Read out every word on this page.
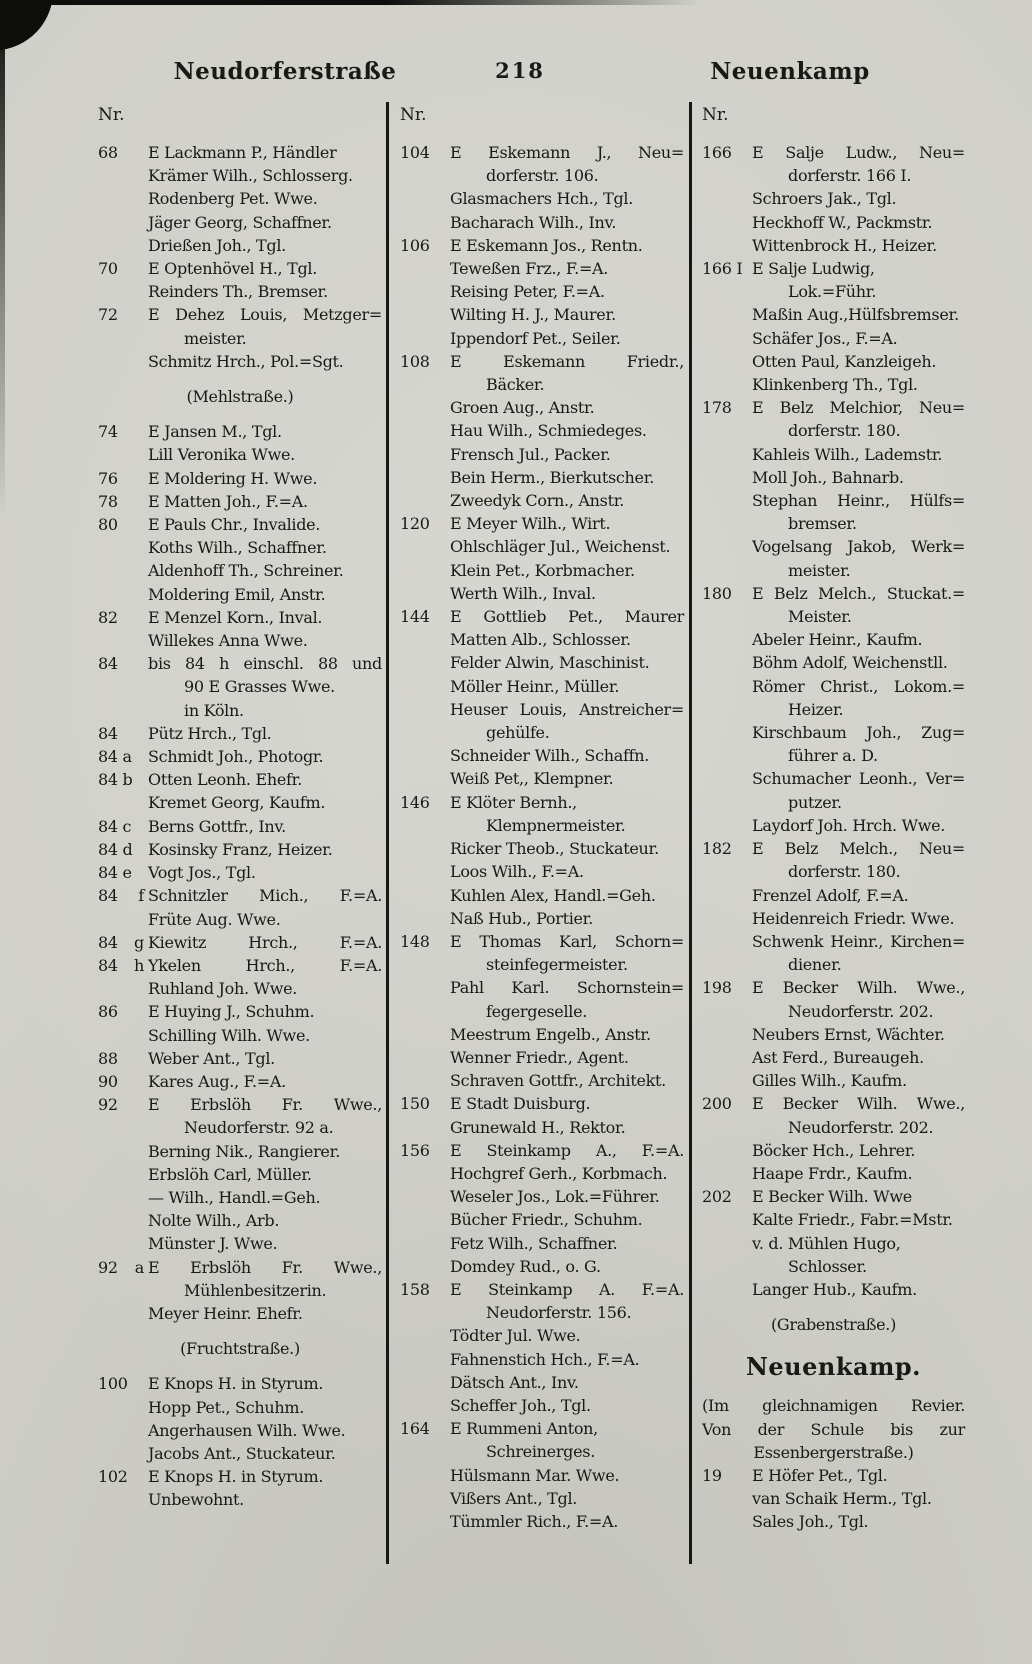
Neudorferstraße	218	Neuenkamp
Nr.
68	E Lackmann P., Händler
Krämer Wilh., Schlosserg.
Rodenberg Pet. Wwe.
Jäger Georg, Schaffner.
Drießen Joh., Tgl.
70	E Optenhövel H., Tgl.
Reinders Th., Bremser.
72	E Dehez Louis, Metzger=
meister.
Schmitz Hrch., Pol.=Sgt.
(Mehlstraße.)
74	E Jansen M., Tgl.
Lill Veronika Wwe.
76	E Moldering H. Wwe.
78	E Matten Joh., F.=A.
80	E Pauls Chr., Invalide.
Koths Wilh., Schaffner.
Aldenhoff Th., Schreiner.
Moldering Emil, Anstr.
82	E Menzel Korn., Inval.
Willekes Anna Wwe.
84	bis 84 h einschl. 88 und
90 E Grasses Wwe.
in Köln.
84	Pütz Hrch., Tgl.
84 a	Schmidt Joh., Photogr.
84 b Otten Leonh. Ehefr.
Kremet Georg, Kaufm.
84 c	Berns Gottfr., Inv.
84 d Kosinsky Franz, Heizer.
84 e	Vogt Jos., Tgl.
84 f Schnitzler Mich., F.=A.
Früte Aug. Wwe.
84 g Kiewitz Hrch., F.=A.
84 h Ykelen Hrch., F.=A.
Ruhland Joh. Wwe.
86	E Huying J., Schuhm.
Schilling Wilh. Wwe.
88	Weber Ant., Tgl.
90	Kares Aug., F.=A.
92	E Erbslöh Fr. Wwe.,
Neudorferstr. 92 a.
Berning Nik., Rangierer.
Erbslöh Carl, Müller.
— Wilh., Handl.=Geh.
Nolte Wilh., Arb.
Münster J. Wwe.
92 a E Erbslöh Fr. Wwe.,
Mühlenbesitzerin.
Meyer Heinr. Ehefr.
(Fruchtstraße.)
100	E Knops H. in Styrum.
Hopp Pet., Schuhm.
Angerhausen Wilh. Wwe.
Jacobs Ant., Stuckateur.
102	E Knops H. in Styrum.
Unbewohnt.
Nr.
104	E Eskemann J., Neu=
dorferstr. 106.
Glasmachers Hch., Tgl.
Bacharach Wilh., Inv.
106	E Eskemann Jos., Rentn.
Teweßen Frz., F.=A.
Reising Peter, F.=A.
Wilting H. J., Maurer.
Ippendorf Pet., Seiler.
108	E Eskemann Friedr.,
Bäcker.
Groen Aug., Anstr.
Hau Wilh., Schmiedeges.
Frensch Jul., Packer.
Bein Herm., Bierkutscher.
Zweedyk Corn., Anstr.
120	E Meyer Wilh., Wirt.
Ohlschläger Jul., Weichenst.
Klein Pet., Korbmacher.
Werth Wilh., Inval.
144	E Gottlieb Pet., Maurer
Matten Alb., Schlosser.
Felder Alwin, Maschinist.
Möller Heinr., Müller.
Heuser Louis, Anstreicher=
gehülfe.
Schneider Wilh., Schaffn.
Weiß Pet,, Klempner.
146	E Klöter Bernh.,
Klempnermeister.
Ricker Theob., Stuckateur.
Loos Wilh., F.=A.
Kuhlen Alex, Handl.=Geh.
Naß Hub., Portier.
148	E Thomas Karl, Schorn=
steinfegermeister.
Pahl Karl. Schornstein=
fegergeselle.
Meestrum Engelb., Anstr.
Wenner Friedr., Agent.
Schraven Gottfr., Architekt.
150	E Stadt Duisburg.
Grunewald H., Rektor.
156	E Steinkamp A., F.=A.
Hochgref Gerh., Korbmach.
Weseler Jos., Lok.=Führer.
Bücher Friedr., Schuhm.
Fetz Wilh., Schaffner.
Domdey Rud., o. G.
158	E Steinkamp A. F.=A.
Neudorferstr. 156.
Tödter Jul. Wwe.
Fahnenstich Hch., F.=A.
Dätsch Ant., Inv.
Scheffer Joh., Tgl.
164	E Rummeni Anton,
Schreinerges.
Hülsmann Mar. Wwe.
Vißers Ant., Tgl.
Tümmler Rich., F.=A.
Nr.
166	E Salje Ludw., Neu=
dorferstr. 166 I.
Schroers Jak., Tgl.
Heckhoff W., Packmstr.
Wittenbrock H., Heizer.
166 I E Salje Ludwig,
Lok.=Führ.
Maßin Aug.,Hülfsbremser.
Schäfer Jos., F.=A.
Otten Paul, Kanzleigeh.
Klinkenberg Th., Tgl.
178	E Belz Melchior, Neu=
dorferstr. 180.
Kahleis Wilh., Lademstr.
Moll Joh., Bahnarb.
Stephan Heinr., Hülfs=
bremser.
Vogelsang Jakob, Werk=
meister.
180	E Belz Melch., Stuckat.=
Meister.
Abeler Heinr., Kaufm.
Böhm Adolf, Weichenstll.
Römer Christ., Lokom.=
Heizer.
Kirschbaum Joh., Zug=
führer a. D.
Schumacher Leonh., Ver=
putzer.
Laydorf Joh. Hrch. Wwe.
182	E Belz Melch., Neu=
dorferstr. 180.
Frenzel Adolf, F.=A.
Heidenreich Friedr. Wwe.
Schwenk Heinr., Kirchen=
diener.
198	E Becker Wilh. Wwe.,
Neudorferstr. 202.
Neubers Ernst, Wächter.
Ast Ferd., Bureaugeh.
Gilles Wilh., Kaufm.
200	E Becker Wilh. Wwe.,
Neudorferstr. 202.
Böcker Hch., Lehrer.
Haape Frdr., Kaufm.
202	E Becker Wilh. Wwe
Kalte Friedr., Fabr.=Mstr.
v. d. Mühlen Hugo,
Schlosser.
Langer Hub., Kaufm.
(Grabenstraße.)
Neuenkamp.
(Im gleichnamigen Revier.
Von der Schule bis zur
Essenbergerstraße.)
19	E Höfer Pet., Tgl.
van Schaik Herm., Tgl.
Sales Joh., Tgl.
